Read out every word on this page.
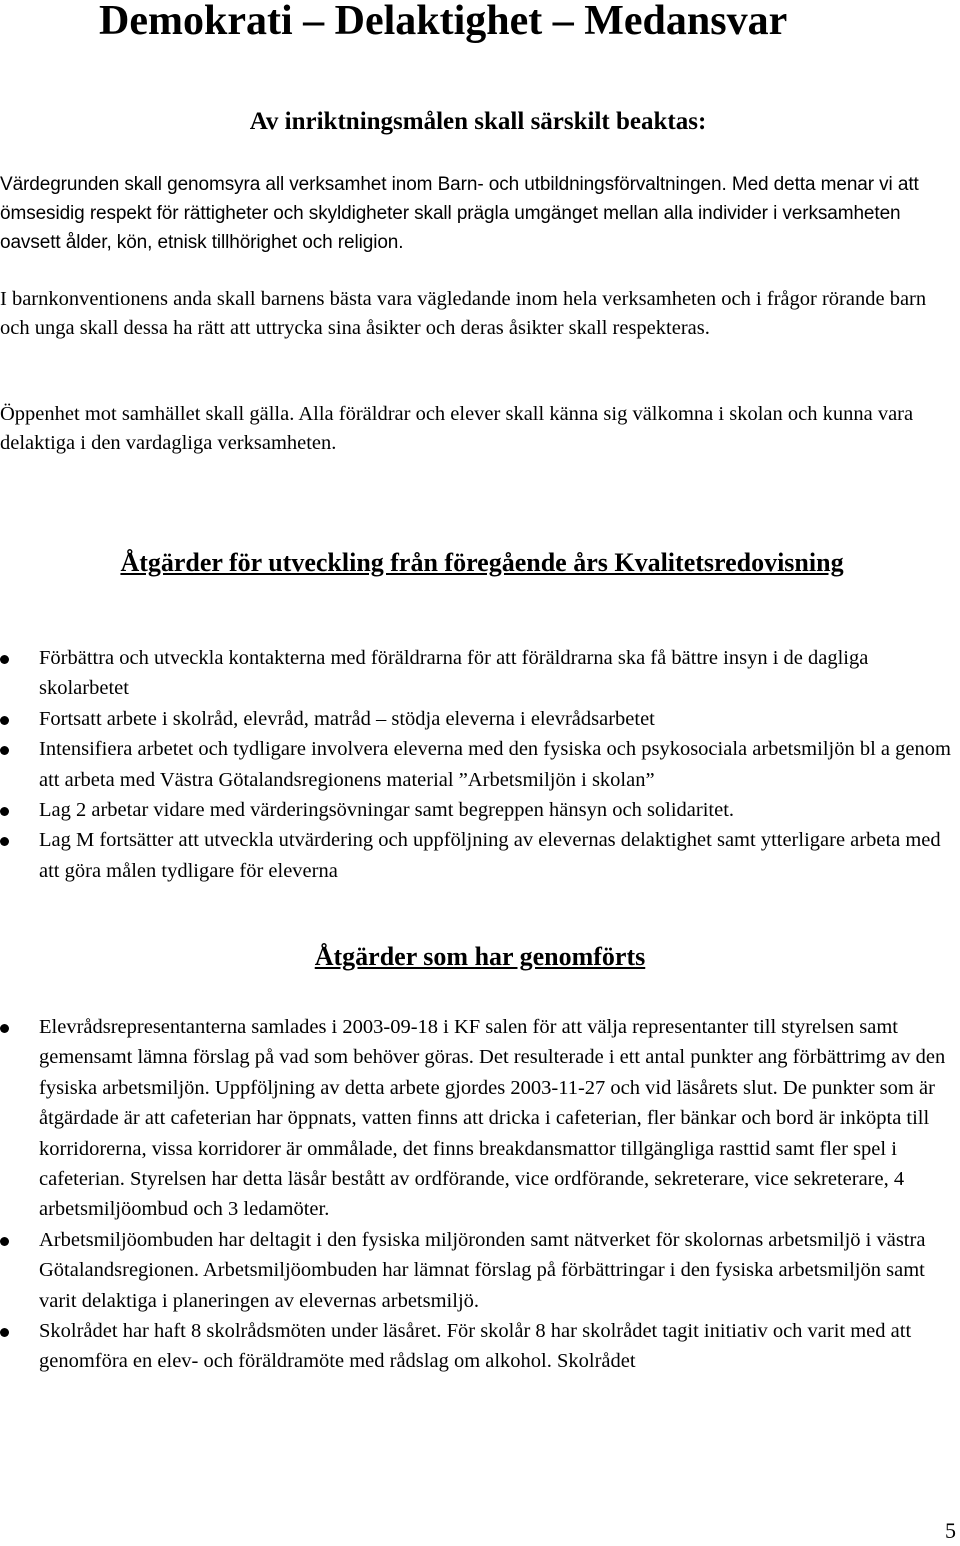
Demokrati – Delaktighet – Medansvar
Av inriktningsmålen skall särskilt beaktas:

Värdegrunden skall genomsyra all verksamhet inom Barn- och utbildningsförvaltningen. Med detta menar vi att ömsesidig respekt för rättigheter och skyldigheter skall prägla umgänget mellan alla individer i verksamheten oavsett ålder, kön, etnisk tillhörighet och religion.

I barnkonventionens anda skall barnens bästa vara vägledande inom hela verksamheten och i frågor rörande barn och unga skall dessa ha rätt att uttrycka sina åsikter och deras åsikter skall respekteras.

Öppenhet mot samhället skall gälla. Alla föräldrar och elever skall känna sig välkomna i skolan och kunna vara delaktiga i den vardagliga verksamheten.

Åtgärder för utveckling från föregående års Kvalitetsredovisning
Förbättra och utveckla kontakterna med föräldrarna för att föräldrarna ska få bättre insyn i de dagliga skolarbetet
Fortsatt arbete i skolråd, elevråd, matråd – stödja eleverna i elevrådsarbetet
Intensifiera arbetet och tydligare involvera eleverna med den fysiska och psykosociala arbetsmiljön bl a genom att arbeta med Västra Götalandsregionens material ”Arbetsmiljön i skolan”
Lag 2 arbetar vidare med värderingsövningar samt begreppen hänsyn och solidaritet.
Lag M fortsätter att utveckla utvärdering och uppföljning av elevernas delaktighet samt ytterligare arbeta med att göra målen tydligare för eleverna
Åtgärder som har genomförts
Elevrådsrepresentanterna samlades i 2003-09-18 i KF salen för att välja representanter till styrelsen samt gemensamt lämna förslag på vad som behöver göras. Det resulterade i ett antal punkter ang förbättrimg av den fysiska arbetsmiljön. Uppföljning av detta arbete gjordes 2003-11-27 och vid läsårets slut. De punkter som är åtgärdade är att cafeterian har öppnats, vatten finns att dricka i cafeterian, fler bänkar och bord är inköpta till korridorerna, vissa korridorer är ommålade, det finns breakdansmattor tillgängliga rasttid samt fler spel i cafeterian. Styrelsen har detta läsår bestått av ordförande, vice ordförande, sekreterare, vice sekreterare, 4 arbetsmiljöombud och 3 ledamöter.
Arbetsmiljöombuden har deltagit i den fysiska miljöronden samt nätverket för skolornas arbetsmiljö i västra Götalandsregionen. Arbetsmiljöombuden har lämnat förslag på förbättringar i den fysiska arbetsmiljön samt varit delaktiga i planeringen av elevernas arbetsmiljö.
Skolrådet har haft 8 skolrådsmöten under läsåret. För skolår 8 har skolrådet tagit initiativ och varit med att genomföra en elev- och föräldramöte med rådslag om alkohol. Skolrådet
5
